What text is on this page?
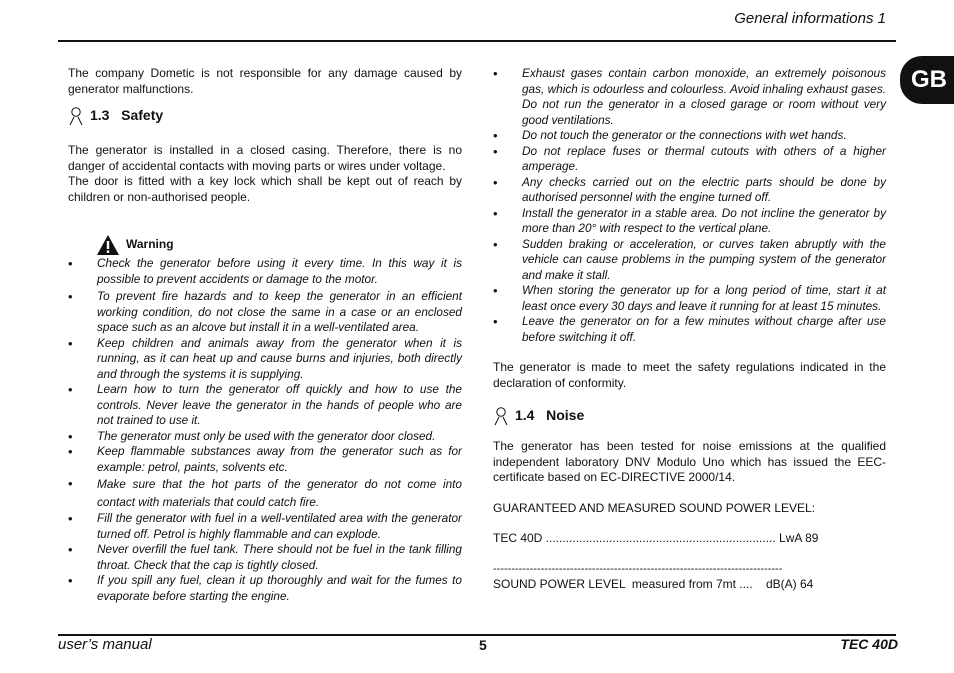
General informations 1
GB

The company Dometic is not responsible for any damage caused by generator malfunctions.

1.3   Safety

The generator is installed in a closed casing. Therefore, there is no danger of accidental contacts with moving parts or wires under voltage.

The door is fitted with a key lock which shall be kept out of reach by children or non-authorised people.

Warning
• Check the generator before using it every time. In this way it is possible to prevent accidents or damage to the motor.
• To prevent fire hazards and to keep the generator in an efficient working condition, do not close the same in a case or an enclosed space such as an alcove but install it in a well-ventilated area.
• Keep children and animals away from the generator when it is running, as it can heat up and cause burns and injuries, both directly and through the systems it is supplying.
• Learn how to turn the generator off quickly and how to use the controls. Never leave the generator in the hands of people who are not trained to use it.
• The generator must only be used with the generator door closed.
• Keep flammable substances away from the generator such as for example: petrol, paints, solvents etc.
• Make sure that the hot parts of the generator do not come into contact with materials that could catch fire.
• Fill the generator with fuel in a well-ventilated area with the generator turned off. Petrol is highly flammable and can explode.
• Never overfill the fuel tank. There should not be fuel in the tank filling throat. Check that the cap is tightly closed.
• If you spill any fuel, clean it up thoroughly and wait for the fumes to evaporate before starting the engine.
• Exhaust gases contain carbon monoxide, an extremely poisonous gas, which is odourless and colourless. Avoid inhaling exhaust gases. Do not run the generator in a closed garage or room without very good ventilations.
• Do not touch the generator or the connections with wet hands.
• Do not replace fuses or thermal cutouts with others of a higher amperage.
• Any checks carried out on the electric parts should be done by authorised personnel with the engine turned off.
• Install the generator in a stable area. Do not incline the generator by more than 20° with respect to the vertical plane.
• Sudden braking or acceleration, or curves taken abruptly with the vehicle can cause problems in the pumping system of the generator and make it stall.
• When storing the generator up for a long period of time, start it at least once every 30 days and leave it running for at least 15 minutes.
• Leave the generator on for a few minutes without charge after use before switching it off.

The generator is made to meet the safety regulations indicated in the declaration of conformity.

1.4   Noise

The generator has been tested for noise emissions at the qualified independent laboratory DNV Modulo Uno which has issued the EEC-certificate based on EC-DIRECTIVE 2000/14.

GUARANTEED AND MEASURED SOUND POWER LEVEL:

TEC 40D ..................................................................... LwA 89

-------------------------------------------------------------------------------

SOUND POWER LEVEL  measured from 7mt ....    dB(A) 64

user’s manual	5	TEC 40D
